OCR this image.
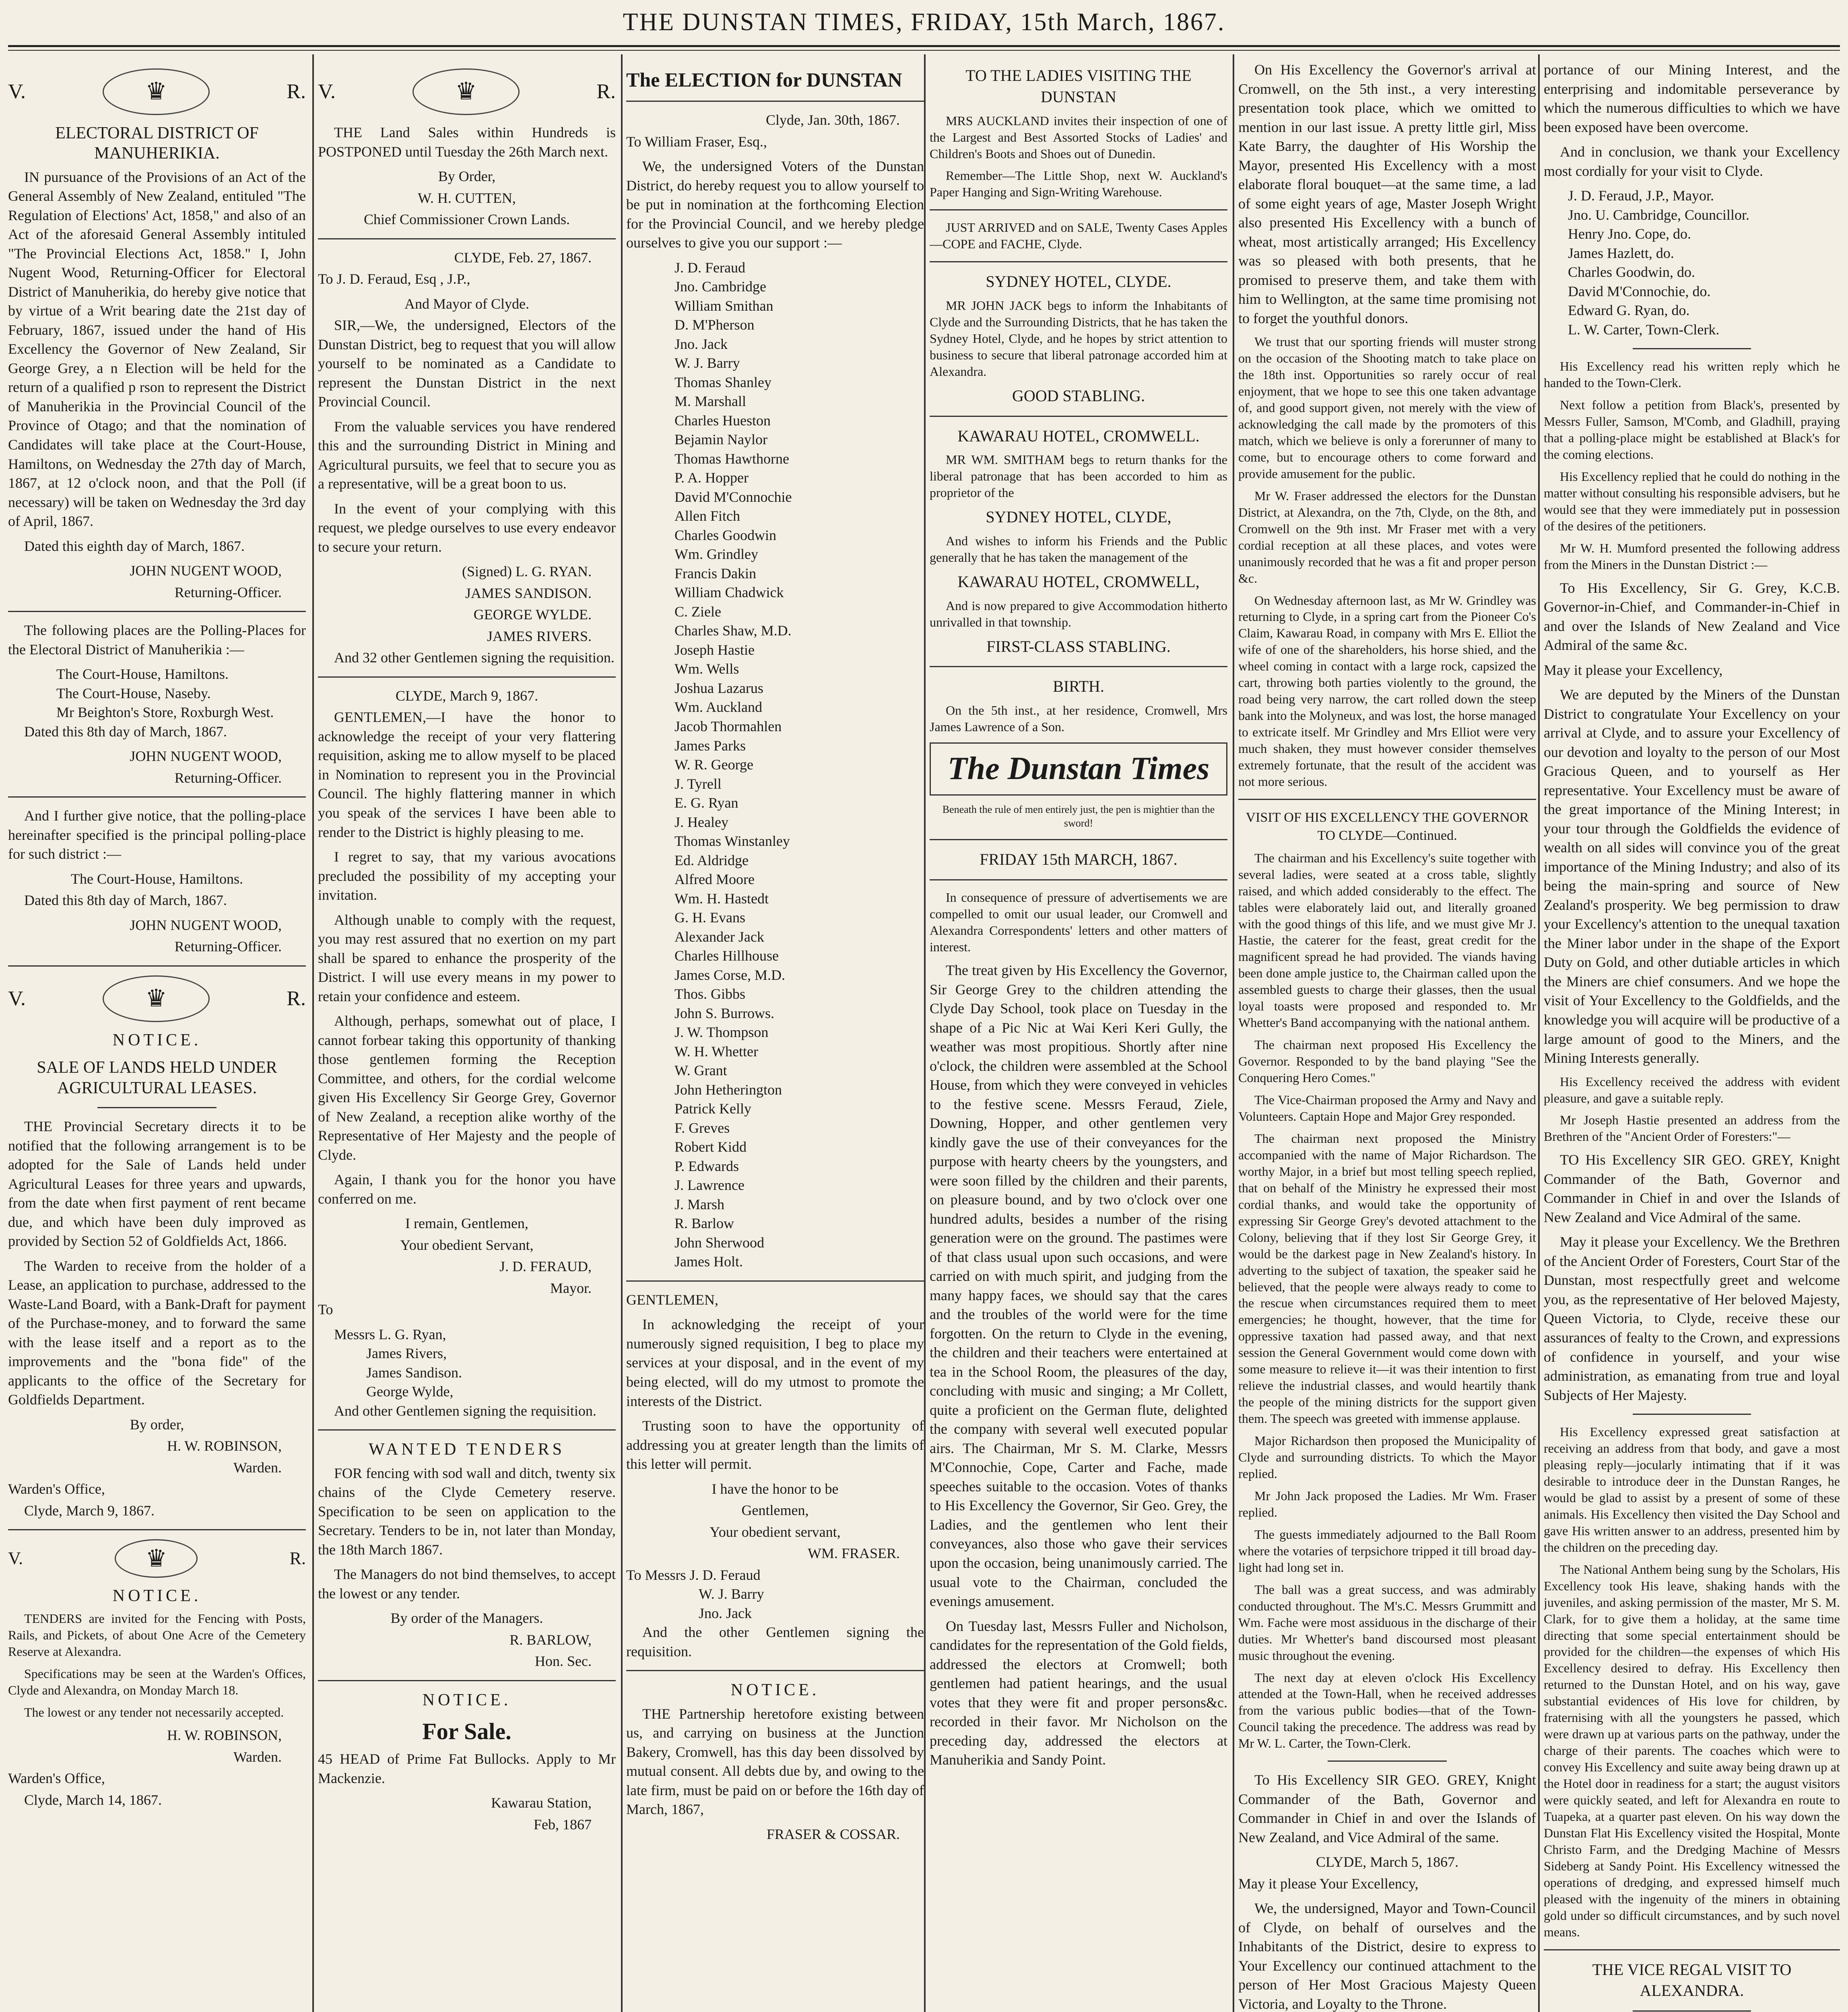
THE DUNSTAN TIMES, FRIDAY, 15th March, 1867.
V.	♛	R.
ELECTORAL DISTRICT OF MANUHERIKIA.

IN pursuance of the Provisions of an Act of the General Assembly of New Zealand, entituled "The Regulation of Elections' Act, 1858," and also of an Act of the aforesaid General Assembly intituled "The Provincial Elections Act, 1858." I, John Nugent Wood, Returning-Officer for Electoral District of Manuherikia, do hereby give notice that by virtue of a Writ bearing date the 21st day of February, 1867, issued under the hand of His Excellency the Governor of New Zealand, Sir George Grey, a n Election will be held for the return of a qualified p rson to represent the District of Manuherikia in the Provincial Council of the Province of Otago; and that the nomination of Candidates will take place at the Court-House, Hamiltons, on Wednesday the 27th day of March, 1867, at 12 o'clock noon, and that the Poll (if necessary) will be taken on Wednesday the 3rd day of April, 1867.

Dated this eighth day of March, 1867.

JOHN NUGENT WOOD,
Returning-Officer.

The following places are the Polling-Places for the Electoral District of Manuherikia :—

The Court-House, Hamiltons.
The Court-House, Naseby.
Mr Beighton's Store, Roxburgh West.

Dated this 8th day of March, 1867.

JOHN NUGENT WOOD,
Returning-Officer.

And I further give notice, that the polling-place hereinafter specified is the principal polling-place for such district :—

The Court-House, Hamiltons.

Dated this 8th day of March, 1867.

JOHN NUGENT WOOD,
Returning-Officer.
V.	♛	R.
NOTICE.
SALE OF LANDS HELD UNDER AGRICULTURAL LEASES.

THE Provincial Secretary directs it to be notified that the following arrangement is to be adopted for the Sale of Lands held under Agricultural Leases for three years and upwards, from the date when first payment of rent became due, and which have been duly improved as provided by Section 52 of Goldfields Act, 1866.

The Warden to receive from the holder of a Lease, an application to purchase, addressed to the Waste-Land Board, with a Bank-Draft for payment of the Purchase-money, and to forward the same with the lease itself and a report as to the improvements and the "bona fide" of the applicants to the office of the Secretary for Goldfields Department.

By order,
H. W. ROBINSON,
Warden.
Warden's Office,
Clyde, March 9, 1867.
V.	♛	R.
NOTICE.

TENDERS are invited for the Fencing with Posts, Rails, and Pickets, of about One Acre of the Cemetery Reserve at Alexandra.

Specifications may be seen at the Warden's Offices, Clyde and Alexandra, on Monday March 18.

The lowest or any tender not necessarily accepted.

H. W. ROBINSON,
Warden.
Warden's Office,
Clyde, March 14, 1867.
V.	♛	R.

THE Land Sales within Hundreds is POSTPONED until Tuesday the 26th March next.

By Order,
W. H. CUTTEN,
Chief Commissioner Crown Lands.
CLYDE, Feb. 27, 1867.

To J. D. Feraud, Esq , J.P.,

And Mayor of Clyde.

SIR,—We, the undersigned, Electors of the Dunstan District, beg to request that you will allow yourself to be nominated as a Candidate to represent the Dunstan District in the next Provincial Council.

From the valuable services you have rendered this and the surrounding District in Mining and Agricultural pursuits, we feel that to secure you as a representative, will be a great boon to us.

In the event of your complying with this request, we pledge ourselves to use every endeavor to secure your return.

(Signed) L. G. RYAN.
JAMES SANDISON.
GEORGE WYLDE.
JAMES RIVERS.

And 32 other Gentlemen signing the requisition.

CLYDE, March 9, 1867.

GENTLEMEN,—I have the honor to acknowledge the receipt of your very flattering requisition, asking me to allow myself to be placed in Nomination to represent you in the Provincial Council. The highly flattering manner in which you speak of the services I have been able to render to the District is highly pleasing to me.

I regret to say, that my various avocations precluded the possibility of my accepting your invitation.

Although unable to comply with the request, you may rest assured that no exertion on my part shall be spared to enhance the prosperity of the District. I will use every means in my power to retain your confidence and esteem.

Although, perhaps, somewhat out of place, I cannot forbear taking this opportunity of thanking those gentlemen forming the Reception Committee, and others, for the cordial welcome given His Excellency Sir George Grey, Governor of New Zealand, a reception alike worthy of the Representative of Her Majesty and the people of Clyde.

Again, I thank you for the honor you have conferred on me.

I remain, Gentlemen,
Your obedient Servant,
J. D. FERAUD,
Mayor.

To

Messrs L. G. Ryan,
James Rivers,
James Sandison.
George Wylde,

And other Gentlemen signing the requisition.

WANTED TENDERS

FOR fencing with sod wall and ditch, twenty six chains of the Clyde Cemetery reserve. Specification to be seen on application to the Secretary. Tenders to be in, not later than Monday, the 18th March 1867.

The Managers do not bind themselves, to accept the lowest or any tender.

By order of the Managers.
R. BARLOW,
Hon. Sec.
NOTICE.
For Sale.

45 HEAD of Prime Fat Bullocks. Apply to Mr Mackenzie.

Kawarau Station,
Feb, 1867
The ELECTION for DUNSTAN
Clyde, Jan. 30th, 1867.

To William Fraser, Esq.,

We, the undersigned Voters of the Dunstan District, do hereby request you to allow yourself to be put in nomination at the forthcoming Election for the Provincial Council, and we hereby pledge ourselves to give you our support :—

J. D. Feraud
Jno. Cambridge
William Smithan
D. M'Pherson
Jno. Jack
W. J. Barry
Thomas Shanley
M. Marshall
Charles Hueston
Bejamin Naylor
Thomas Hawthorne
P. A. Hopper
David M'Connochie
Allen Fitch
Charles Goodwin
Wm. Grindley
Francis Dakin
William Chadwick
C. Ziele
Charles Shaw, M.D.
Joseph Hastie
Wm. Wells
Joshua Lazarus
Wm. Auckland
Jacob Thormahlen
James Parks
W. R. George
J. Tyrell
E. G. Ryan
J. Healey
Thomas Winstanley
Ed. Aldridge
Alfred Moore
Wm. H. Hastedt
G. H. Evans
Alexander Jack
Charles Hillhouse
James Corse, M.D.
Thos. Gibbs
John S. Burrows.
J. W. Thompson
W. H. Whetter
W. Grant
John Hetherington
Patrick Kelly
F. Greves
Robert Kidd
P. Edwards
J. Lawrence
J. Marsh
R. Barlow
John Sherwood
James Holt.

GENTLEMEN,

In acknowledging the receipt of your numerously signed requisition, I beg to place my services at your disposal, and in the event of my being elected, will do my utmost to promote the interests of the District.

Trusting soon to have the opportunity of addressing you at greater length than the limits of this letter will permit.

I have the honor to be
Gentlemen,
Your obedient servant,
WM. FRASER.
To Messrs J. D. Feraud
W. J. Barry
Jno. Jack

And the other Gentlemen signing the requisition.

NOTICE.

THE Partnership heretofore existing between us, and carrying on business at the Junction Bakery, Cromwell, has this day been dissolved by mutual consent. All debts due by, and owing to the late firm, must be paid on or before the 16th day of March, 1867,

FRASER & COSSAR.
TO THE LADIES VISITING THE DUNSTAN

MRS AUCKLAND invites their inspection of one of the Largest and Best Assorted Stocks of Ladies' and Children's Boots and Shoes out of Dunedin.

Remember—The Little Shop, next W. Auckland's Paper Hanging and Sign-Writing Warehouse.

JUST ARRIVED and on SALE, Twenty Cases Apples—COPE and FACHE, Clyde.

SYDNEY HOTEL, CLYDE.

MR JOHN JACK begs to inform the Inhabitants of Clyde and the Surrounding Districts, that he has taken the Sydney Hotel, Clyde, and he hopes by strict attention to business to secure that liberal patronage accorded him at Alexandra.

GOOD STABLING.
KAWARAU HOTEL, CROMWELL.

MR WM. SMITHAM begs to return thanks for the liberal patronage that has been accorded to him as proprietor of the

SYDNEY HOTEL, CLYDE,

And wishes to inform his Friends and the Public generally that he has taken the management of the

KAWARAU HOTEL, CROMWELL,

And is now prepared to give Accommodation hitherto unrivalled in that township.

FIRST-CLASS STABLING.
BIRTH.

On the 5th inst., at her residence, Cromwell, Mrs James Lawrence of a Son.

The Dunstan Times
Beneath the rule of men entirely just, the pen is mightier than the sword!
FRIDAY 15th MARCH, 1867.

In consequence of pressure of advertisements we are compelled to omit our usual leader, our Cromwell and Alexandra Correspondents' letters and other matters of interest.

The treat given by His Excellency the Governor, Sir George Grey to the children attending the Clyde Day School, took place on Tuesday in the shape of a Pic Nic at Wai Keri Keri Gully, the weather was most propitious. Shortly after nine o'clock, the children were assembled at the School House, from which they were conveyed in vehicles to the festive scene. Messrs Feraud, Ziele, Downing, Hopper, and other gentlemen very kindly gave the use of their conveyances for the purpose with hearty cheers by the youngsters, and were soon filled by the children and their parents, on pleasure bound, and by two o'clock over one hundred adults, besides a number of the rising generation were on the ground. The pastimes were of that class usual upon such occasions, and were carried on with much spirit, and judging from the many happy faces, we should say that the cares and the troubles of the world were for the time forgotten. On the return to Clyde in the evening, the children and their teachers were entertained at tea in the School Room, the pleasures of the day, concluding with music and singing; a Mr Collett, quite a proficient on the German flute, delighted the company with several well executed popular airs. The Chairman, Mr S. M. Clarke, Messrs M'Connochie, Cope, Carter and Fache, made speeches suitable to the occasion. Votes of thanks to His Excellency the Governor, Sir Geo. Grey, the Ladies, and the gentlemen who lent their conveyances, also those who gave their services upon the occasion, being unanimously carried. The usual vote to the Chairman, concluded the evenings amusement.

On Tuesday last, Messrs Fuller and Nicholson, candidates for the representation of the Gold fields, addressed the electors at Cromwell; both gentlemen had patient hearings, and the usual votes that they were fit and proper persons&c. recorded in their favor. Mr Nicholson on the preceding day, addressed the electors at Manuherikia and Sandy Point.

On His Excellency the Governor's arrival at Cromwell, on the 5th inst., a very interesting presentation took place, which we omitted to mention in our last issue. A pretty little girl, Miss Kate Barry, the daughter of His Worship the Mayor, presented His Excellency with a most elaborate floral bouquet—at the same time, a lad of some eight years of age, Master Joseph Wright also presented His Excellency with a bunch of wheat, most artistically arranged; His Excellency was so pleased with both presents, that he promised to preserve them, and take them with him to Wellington, at the same time promising not to forget the youthful donors.

We trust that our sporting friends will muster strong on the occasion of the Shooting match to take place on the 18th inst. Opportunities so rarely occur of real enjoyment, that we hope to see this one taken advantage of, and good support given, not merely with the view of acknowledging the call made by the promoters of this match, which we believe is only a forerunner of many to come, but to encourage others to come forward and provide amusement for the public.

Mr W. Fraser addressed the electors for the Dunstan District, at Alexandra, on the 7th, Clyde, on the 8th, and Cromwell on the 9th inst. Mr Fraser met with a very cordial reception at all these places, and votes were unanimously recorded that he was a fit and proper person &c.

On Wednesday afternoon last, as Mr W. Grindley was returning to Clyde, in a spring cart from the Pioneer Co's Claim, Kawarau Road, in company with Mrs E. Elliot the wife of one of the shareholders, his horse shied, and the wheel coming in contact with a large rock, capsized the cart, throwing both parties violently to the ground, the road being very narrow, the cart rolled down the steep bank into the Molyneux, and was lost, the horse managed to extricate itself. Mr Grindley and Mrs Elliot were very much shaken, they must however consider themselves extremely fortunate, that the result of the accident was not more serious.

VISIT OF HIS EXCELLENCY THE GOVERNOR TO CLYDE—Continued.

The chairman and his Excellency's suite together with several ladies, were seated at a cross table, slightly raised, and which added considerably to the effect. The tables were elaborately laid out, and literally groaned with the good things of this life, and we must give Mr J. Hastie, the caterer for the feast, great credit for the magnificent spread he had provided. The viands having been done ample justice to, the Chairman called upon the assembled guests to charge their glasses, then the usual loyal toasts were proposed and responded to. Mr Whetter's Band accompanying with the national anthem.

The chairman next proposed His Excellency the Governor. Responded to by the band playing "See the Conquering Hero Comes."

The Vice-Chairman proposed the Army and Navy and Volunteers. Captain Hope and Major Grey responded.

The chairman next proposed the Ministry accompanied with the name of Major Richardson. The worthy Major, in a brief but most telling speech replied, that on behalf of the Ministry he expressed their most cordial thanks, and would take the opportunity of expressing Sir George Grey's devoted attachment to the Colony, believing that if they lost Sir George Grey, it would be the darkest page in New Zealand's history. In adverting to the subject of taxation, the speaker said he believed, that the people were always ready to come to the rescue when circumstances required them to meet emergencies; he thought, however, that the time for oppressive taxation had passed away, and that next session the General Government would come down with some measure to relieve it—it was their intention to first relieve the industrial classes, and would heartily thank the people of the mining districts for the support given them. The speech was greeted with immense applause.

Major Richardson then proposed the Municipality of Clyde and surrounding districts. To which the Mayor replied.

Mr John Jack proposed the Ladies. Mr Wm. Fraser replied.

The guests immediately adjourned to the Ball Room where the votaries of terpsichore tripped it till broad day-light had long set in.

The ball was a great success, and was admirably conducted throughout. The M's.C. Messrs Grummitt and Wm. Fache were most assiduous in the discharge of their duties. Mr Whetter's band discoursed most pleasant music throughout the evening.

The next day at eleven o'clock His Excellency attended at the Town-Hall, when he received addresses from the various public bodies—that of the Town-Council taking the precedence. The address was read by Mr W. L. Carter, the Town-Clerk.

To His Excellency SIR GEO. GREY, Knight Commander of the Bath, Governor and Commander in Chief in and over the Islands of New Zealand, and Vice Admiral of the same.

CLYDE, March 5, 1867.

May it please Your Excellency,

We, the undersigned, Mayor and Town-Council of Clyde, on behalf of ourselves and the Inhabitants of the District, desire to express to Your Excellency our continued attachment to the person of Her Most Gracious Majesty Queen Victoria, and Loyalty to the Throne.

portance of our Mining Interest, and the enterprising and indomitable perseverance by which the numerous difficulties to which we have been exposed have been overcome.

And in conclusion, we thank your Excellency most cordially for your visit to Clyde.

J. D. Feraud, J.P., Mayor.
Jno. U. Cambridge, Councillor.
Henry Jno. Cope, do.
James Hazlett, do.
Charles Goodwin, do.
David M'Connochie, do.
Edward G. Ryan, do.
L. W. Carter, Town-Clerk.

His Excellency read his written reply which he handed to the Town-Clerk.

Next follow a petition from Black's, presented by Messrs Fuller, Samson, M'Comb, and Gladhill, praying that a polling-place might be established at Black's for the coming elections.

His Excellency replied that he could do nothing in the matter without consulting his responsible advisers, but he would see that they were immediately put in possession of the desires of the petitioners.

Mr W. H. Mumford presented the following address from the Miners in the Dunstan District :—

To His Excellency, Sir G. Grey, K.C.B. Governor-in-Chief, and Commander-in-Chief in and over the Islands of New Zealand and Vice Admiral of the same &c.

May it please your Excellency,

We are deputed by the Miners of the Dunstan District to congratulate Your Excellency on your arrival at Clyde, and to assure your Excellency of our devotion and loyalty to the person of our Most Gracious Queen, and to yourself as Her representative. Your Excellency must be aware of the great importance of the Mining Interest; in your tour through the Goldfields the evidence of wealth on all sides will convince you of the great importance of the Mining Industry; and also of its being the main-spring and source of New Zealand's prosperity. We beg permission to draw your Excellency's attention to the unequal taxation the Miner labor under in the shape of the Export Duty on Gold, and other dutiable articles in which the Miners are chief consumers. And we hope the visit of Your Excellency to the Goldfields, and the knowledge you will acquire will be productive of a large amount of good to the Miners, and the Mining Interests generally.

His Excellency received the address with evident pleasure, and gave a suitable reply.

Mr Joseph Hastie presented an address from the Brethren of the "Ancient Order of Foresters:"—

TO His Excellency SIR GEO. GREY, Knight Commander of the Bath, Governor and Commander in Chief in and over the Islands of New Zealand and Vice Admiral of the same.

May it please your Excellency. We the Brethren of the Ancient Order of Foresters, Court Star of the Dunstan, most respectfully greet and welcome you, as the representative of Her beloved Majesty, Queen Victoria, to Clyde, receive these our assurances of fealty to the Crown, and expressions of confidence in yourself, and your wise administration, as emanating from true and loyal Subjects of Her Majesty.

His Excellency expressed great satisfaction at receiving an address from that body, and gave a most pleasing reply—jocularly intimating that if it was desirable to introduce deer in the Dunstan Ranges, he would be glad to assist by a present of some of these animals. His Excellency then visited the Day School and gave His written answer to an address, presented him by the children on the preceding day.

The National Anthem being sung by the Scholars, His Excellency took His leave, shaking hands with the juveniles, and asking permission of the master, Mr S. M. Clark, for to give them a holiday, at the same time directing that some special entertainment should be provided for the children—the expenses of which His Excellency desired to defray. His Excellency then returned to the Dunstan Hotel, and on his way, gave substantial evidences of His love for children, by fraternising with all the youngsters he passed, which were drawn up at various parts on the pathway, under the charge of their parents. The coaches which were to convey His Excellency and suite away being drawn up at the Hotel door in readiness for a start; the august visitors were quickly seated, and left for Alexandra en route to Tuapeka, at a quarter past eleven. On his way down the Dunstan Flat His Excellency visited the Hospital, Monte Christo Farm, and the Dredging Machine of Messrs Sideberg at Sandy Point. His Excellency witnessed the operations of dredging, and expressed himself much pleased with the ingenuity of the miners in obtaining gold under so difficult circumstances, and by such novel means.

THE VICE REGAL VISIT TO ALEXANDRA.
